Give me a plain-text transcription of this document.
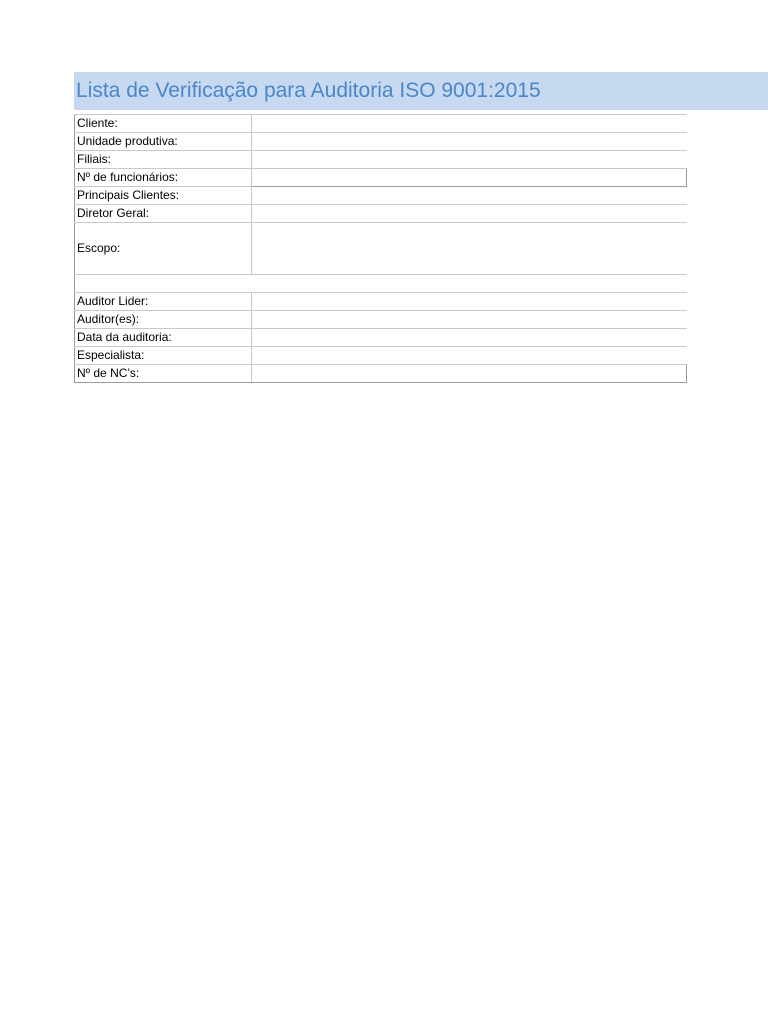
Lista de Verificação para Auditoria ISO 9001:2015
Cliente:	
Unidade produtiva:	
Filiais:	
Nº de funcionários:	
Principais Clientes:	
Diretor Geral:	
Escopo:	

Auditor Lider:	
Auditor(es):	
Data da auditoria:	
Especialista:	
Nº de NC’s:	
